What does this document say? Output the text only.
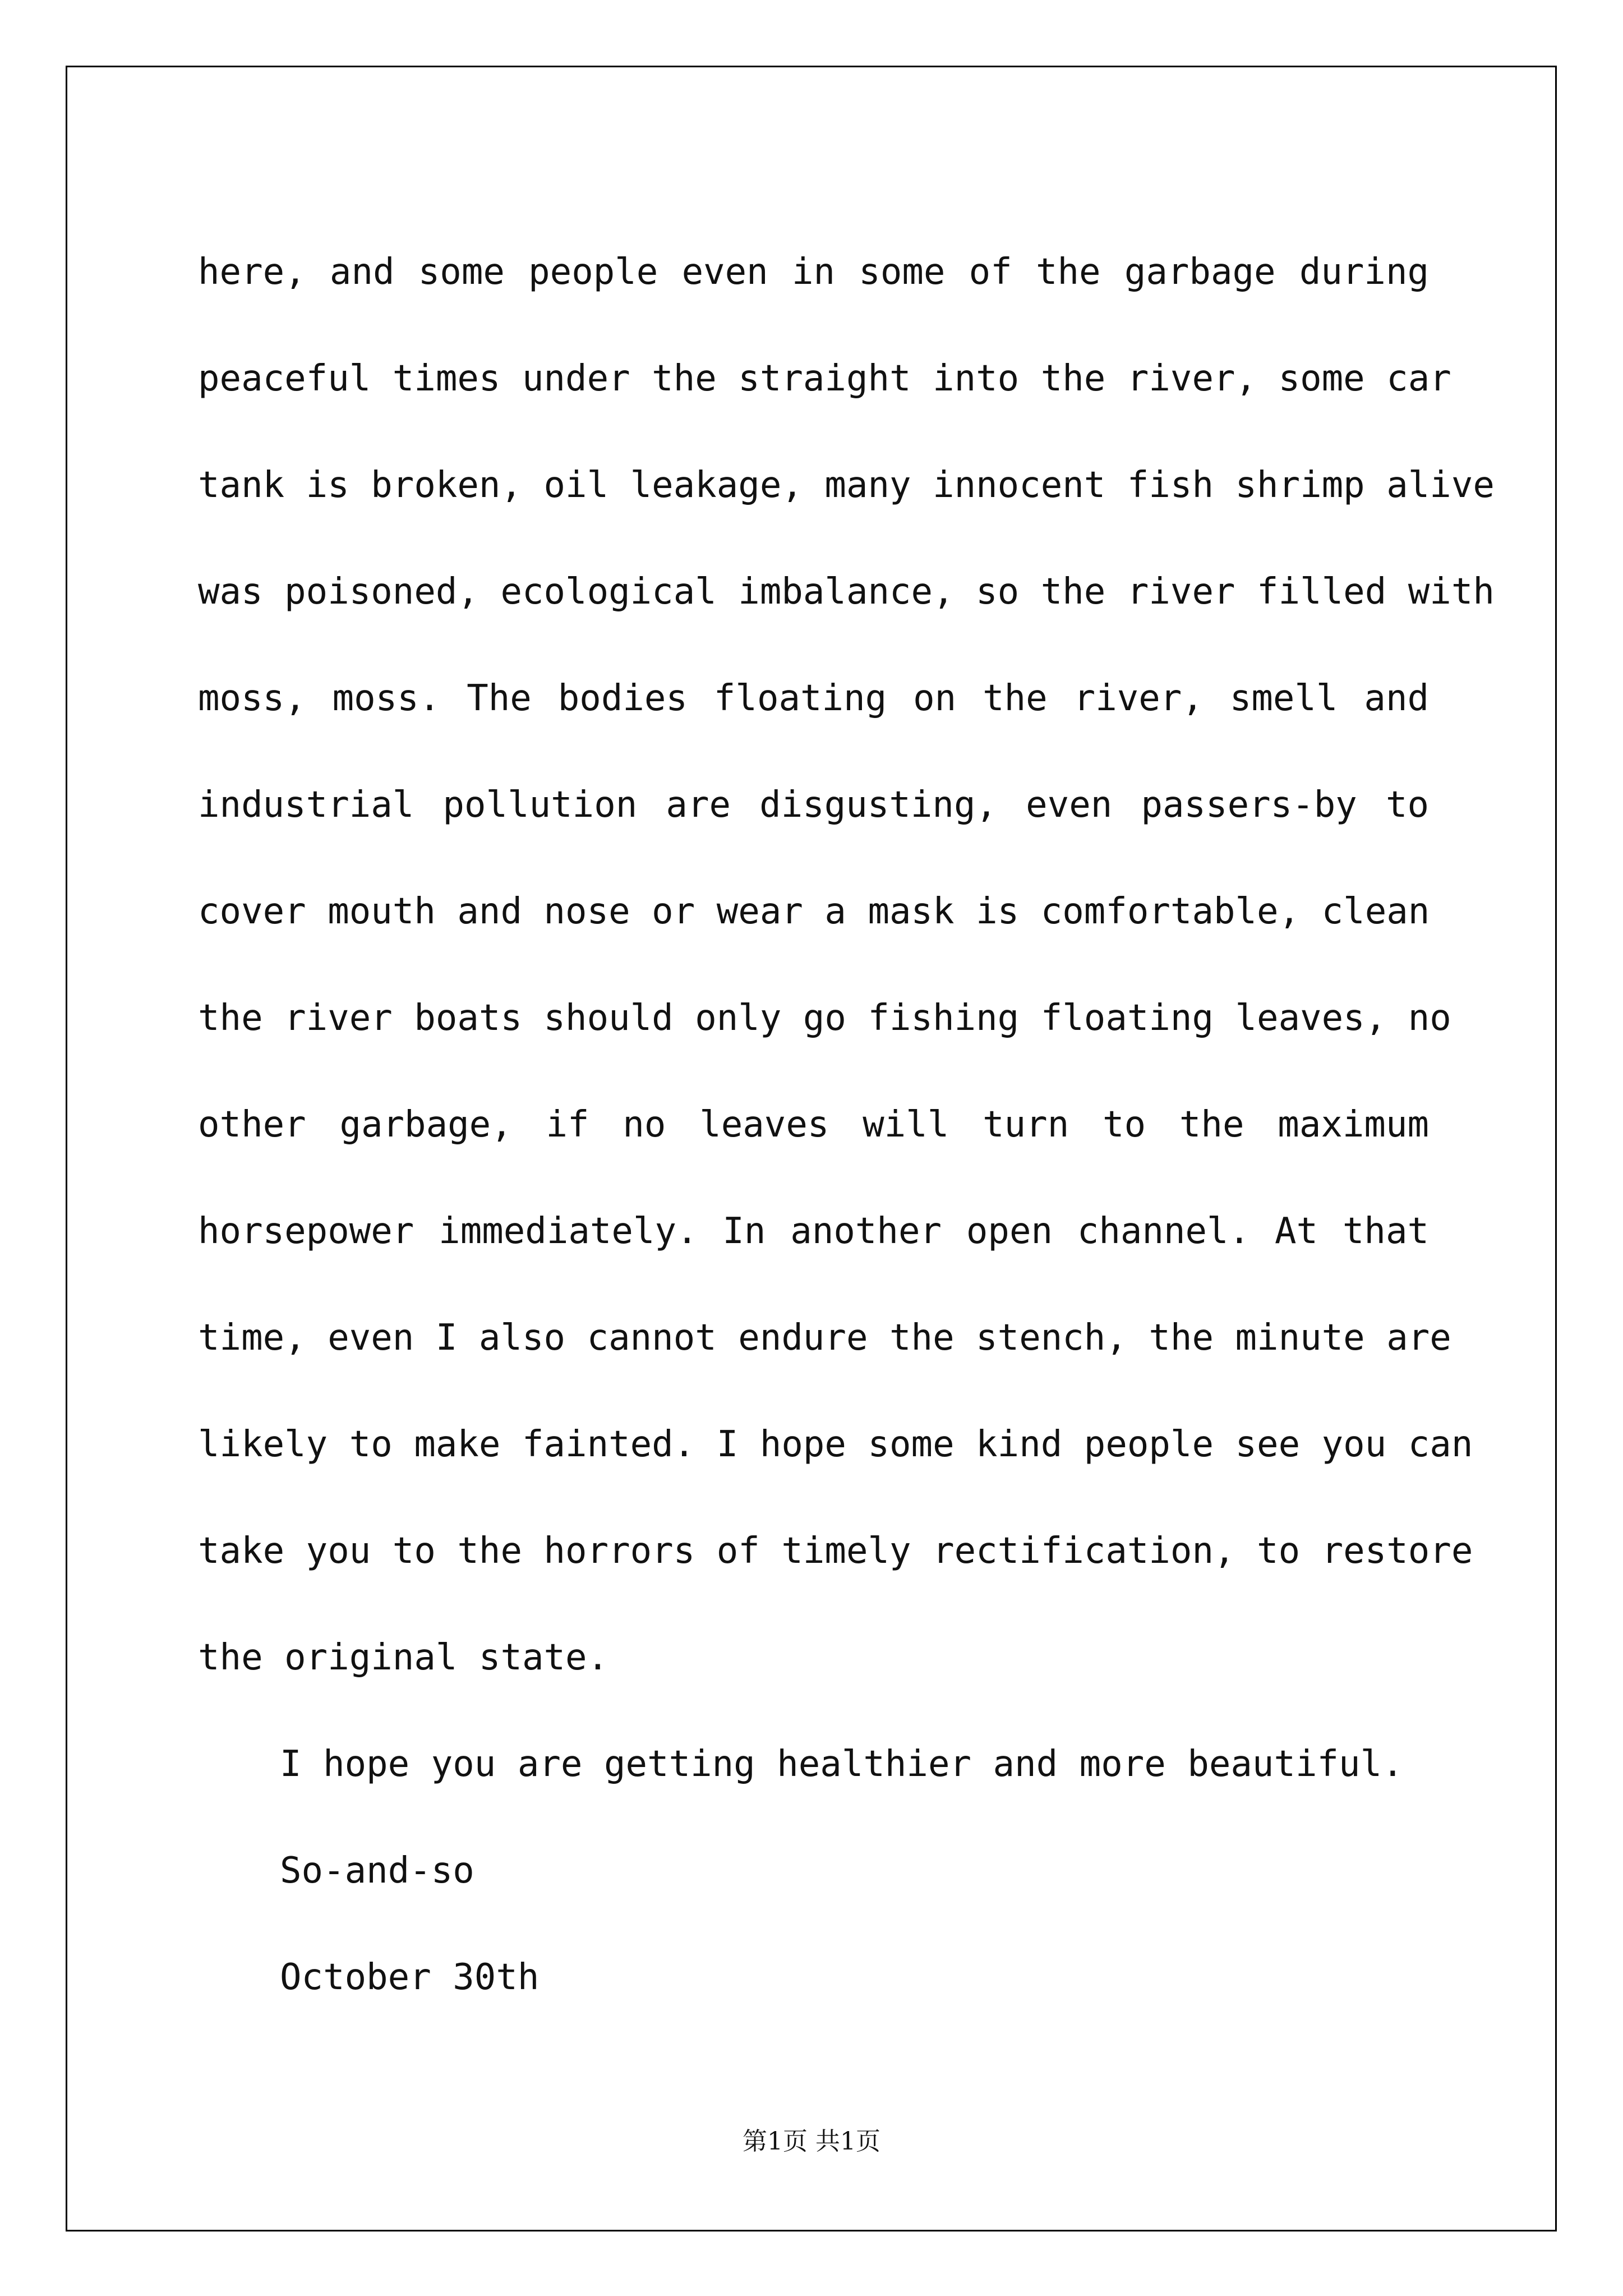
here, and some people even in some of the garbage during
peaceful times under the straight into the river, some car
tank is broken, oil leakage, many innocent fish shrimp alive
was poisoned, ecological imbalance, so the river filled with
moss, moss. The bodies floating on the river, smell and
industrial pollution are disgusting, even passers-by to
cover mouth and nose or wear a mask is comfortable, clean
the river boats should only go fishing floating leaves, no
other garbage, if no leaves will turn to the maximum
horsepower immediately. In another open channel. At that
time, even I also cannot endure the stench, the minute are
likely to make fainted. I hope some kind people see you can
take you to the horrors of timely rectification, to restore
the original state.
I hope you are getting healthier and more beautiful.
So-and-so
October 30th
第1页 共1页
